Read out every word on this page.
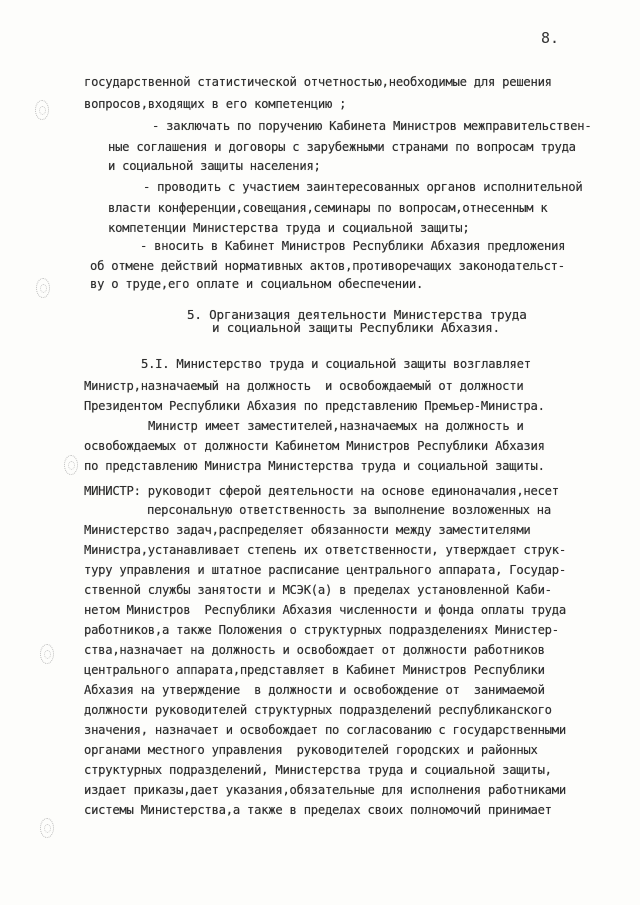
8.
государственной статистической отчетностью,необходимые для решения
вопросов,входящих в его компетенцию ;
- заключать по поручению Кабинета Министров межправительствен-
ные соглашения и договоры с зарубежными странами по вопросам труда
и социальной защиты населения;
- проводить с участием заинтересованных органов исполнительной
власти конференции,совещания,семинары по вопросам,отнесенным к
компетенции Министерства труда и социальной защиты;
- вносить в Кабинет Министров Республики Абхазия предложения
об отмене действий нормативных актов,противоречащих законодательст-
ву о труде,его оплате и социальном обеспечении.
5. Организация деятельности Министерства труда
и социальной защиты Республики Абхазия.
5.I. Министерство труда и социальной защиты возглавляет
Министр,назначаемый на должность  и освобождаемый от должности
Президентом Республики Абхазия по представлению Премьер-Министра.
Министр имеет заместителей,назначаемых на должность и
освобождаемых от должности Кабинетом Министров Республики Абхазия
по представлению Министра Министерства труда и социальной защиты.
МИНИСТР: руководит сферой деятельности на основе единоначалия,несет
персональную ответственность за выполнение возложенных на
Министерство задач,распределяет обязанности между заместителями
Министра,устанавливает степень их ответственности, утверждает струк-
туру управления и штатное расписание центрального аппарата, Государ-
ственной службы занятости и МСЭК(а) в пределах установленной Каби-
нетом Министров  Республики Абхазия численности и фонда оплаты труда
работников,а также Положения о структурных подразделениях Министер-
ства,назначает на должность и освобождает от должности работников
центрального аппарата,представляет в Кабинет Министров Республики
Абхазия на утверждение  в должности и освобождение от  занимаемой
должности руководителей структурных подразделений республиканского
значения, назначает и освобождает по согласованию с государственными
органами местного управления  руководителей городских и районных
структурных подразделений, Министерства труда и социальной защиты,
издает приказы,дает указания,обязательные для исполнения работниками
системы Министерства,а также в пределах своих полномочий принимает
